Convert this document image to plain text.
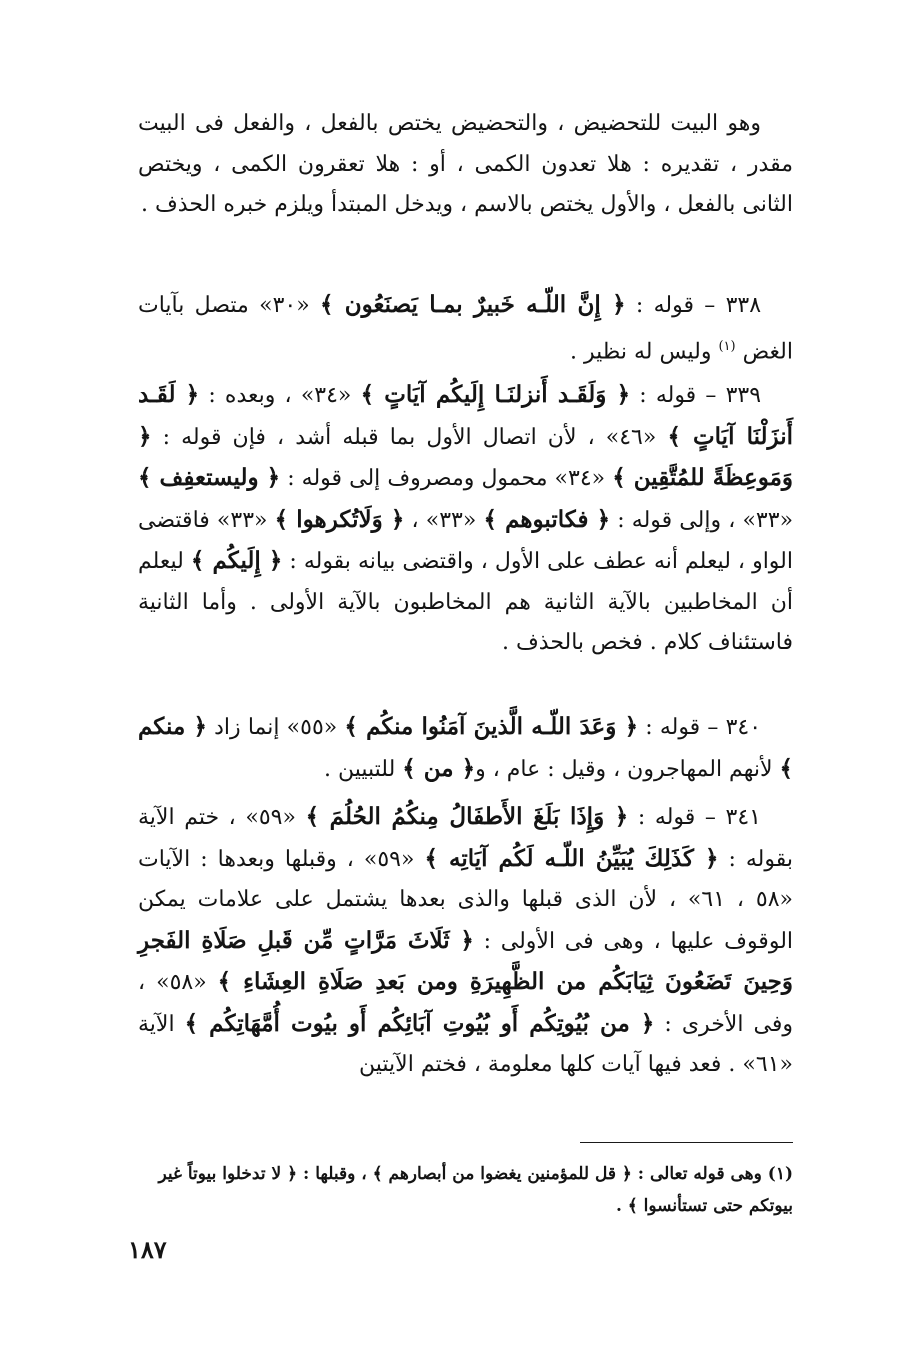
وهو البيت للتحضيض ، والتحضيض يختص بالفعل ، والفعل فى البيت مقدر ، تقديره : هلا تعدون الكمى ، أو : هلا تعقرون الكمى ، ويختص الثانى بالفعل ، والأول يختص بالاسم ، ويدخل المبتدأ ويلزم خبره الحذف .

٣٣٨ – قوله : ﴿ إِنَّ اللّـه خَبيرٌ بمـا يَصنَعُون ﴾ «٣٠» متصل بآيات الغض $^{(١)}$ وليس له نظير .

٣٣٩ – قوله : ﴿ وَلَقَـد أَنزلنَـا إِلَيكُم آيَاتٍ ﴾ «٣٤» ، وبعده : ﴿ لَقَـد أَنزَلْنَا آيَاتٍ ﴾ «٤٦» ، لأن اتصال الأول بما قبله أشد ، فإن قوله : ﴿ وَمَوعِظَةً للمُتَّقِين ﴾ «٣٤» محمول ومصروف إلى قوله : ﴿ وليستعفِف ﴾ «٣٣» ، وإلى قوله : ﴿ فكاتبوهم ﴾ «٣٣» ، ﴿ وَلَاتُكرهوا ﴾ «٣٣» فاقتضى الواو ، ليعلم أنه عطف على الأول ، واقتضى بيانه بقوله : ﴿ إِلَيكُم ﴾ ليعلم أن المخاطبين بالآية الثانية هم المخاطبون بالآية الأولى . وأما الثانية فاستئناف كلام . فخص بالحذف .

٣٤٠ – قوله : ﴿ وَعَدَ اللّـه الَّذينَ آمَنُوا منكُم ﴾ «٥٥» إنما زاد ﴿ منكم ﴾ لأنهم المهاجرون ، وقيل : عام ، و﴿ من ﴾ للتبيين .

٣٤١ – قوله : ﴿ وَإِذَا بَلَغَ الأَطفَالُ مِنكُمُ الحُلُمَ ﴾ «٥٩» ، ختم الآية بقوله : ﴿ كَذَلِكَ يُبَيِّنُ اللّـه لَكُم آيَاتِه ﴾ «٥٩» ، وقبلها وبعدها : الآيات «٥٨ ، ٦١» ، لأن الذى قبلها والذى بعدها يشتمل على علامات يمكن الوقوف عليها ، وهى فى الأولى : ﴿ ثَلَاثَ مَرَّاتٍ مِّن قَبلِ صَلَاةِ الفَجرِ وَحِينَ تَضَعُونَ ثِيَابَكُم من الظَّهِيرَةِ ومن بَعدِ صَلَاةِ العِشَاءِ ﴾ «٥٨» ، وفى الأخرى : ﴿ من بُيُوتِكُم أَو بُيُوتِ آبَائِكُم أَو بيُوت أُمَّهَاتِكُم ﴾ الآية «٦١» . فعد فيها آيات كلها معلومة ، فختم الآيتين

(١) وهى قوله تعالى : ﴿ قل للمؤمنين يغضوا من أبصارهم ﴾ ، وقبلها : ﴿ لا تدخلوا بيوتاً غير بيوتكم حتى تستأنسوا ﴾ .

١٨٧
